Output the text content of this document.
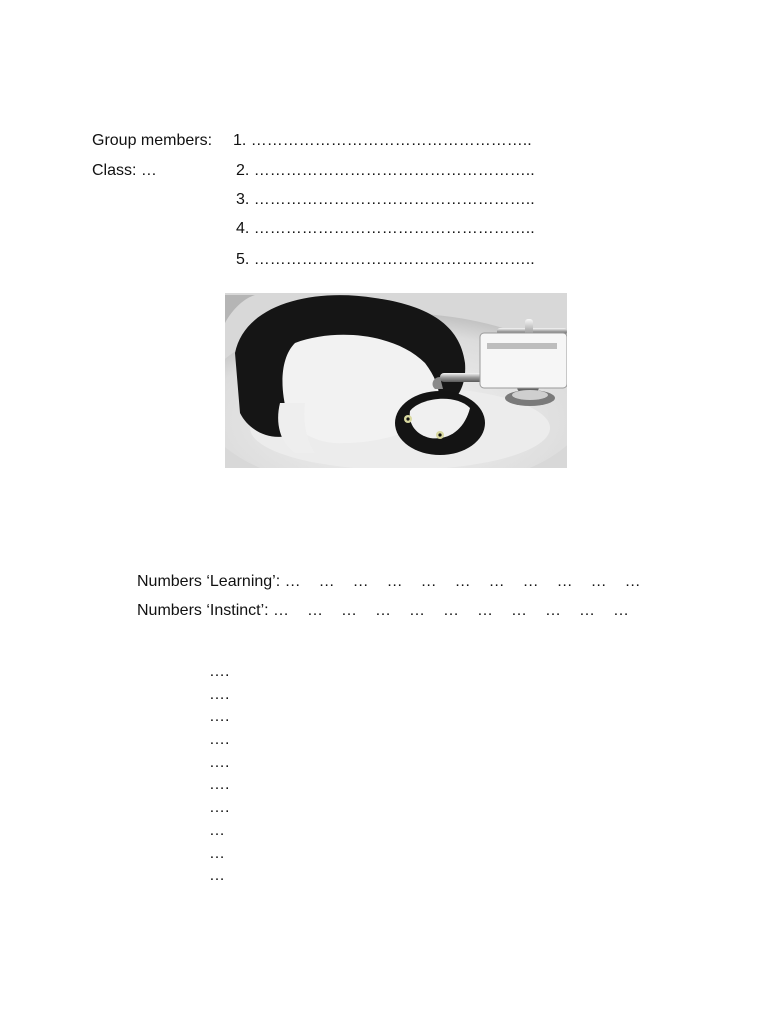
Group members:
Class: …
1. ……………………………………………..
2. ……………………………………………..
3. ……………………………………………..
4. ……………………………………………..
5. ……………………………………………..
Numbers ‘Learning’: … … … … … … … … … … …
Numbers ‘Instinct’: … … … … … … … … … … …
….
….
….
….
….
….
….
…
…
…
